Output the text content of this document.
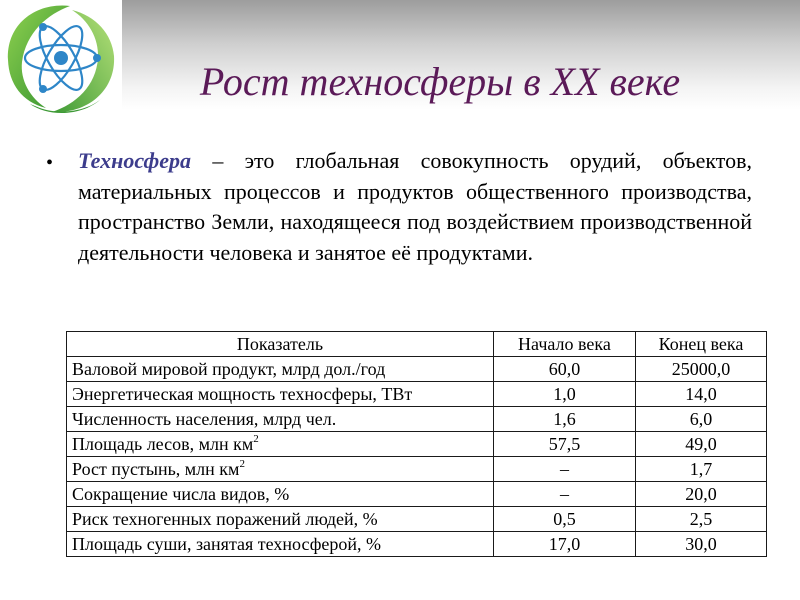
Рост техносферы в XX веке
• Техносфера – это глобальная совокупность орудий, объектов, материальных процессов и продуктов общественного производства, пространство Земли, находящееся под воздействием производственной деятельности человека и занятое её продуктами.
Показатель	Начало века	Конец века
Валовой мировой продукт, млрд дол./год	60,0	25000,0
Энергетическая мощность техносферы, ТВт	1,0	14,0
Численность населения, млрд чел.	1,6	6,0
Площадь лесов, млн $км^2$	57,5	49,0
Рост пустынь, млн $км^2$	–	1,7
Сокращение числа видов, %	–	20,0
Риск техногенных поражений людей, %	0,5	2,5
Площадь суши, занятая техносферой, %	17,0	30,0
